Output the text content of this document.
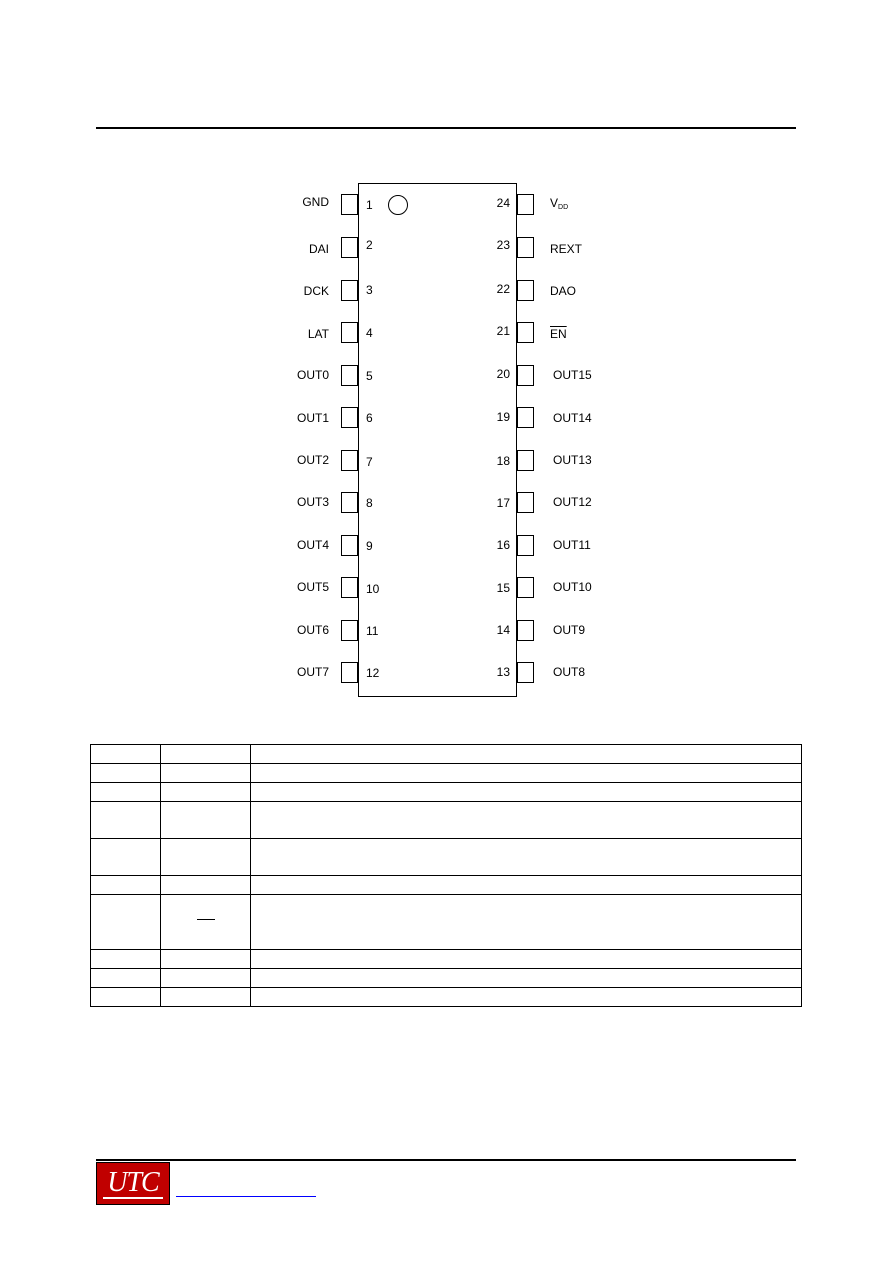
1
GND
2
DAI
3
DCK
4
LAT
5
OUT0
6
OUT1
7
OUT2
8
OUT3
9
OUT4
10
OUT5
11
OUT6
12
OUT7
24	$V_{DD}$
23	REXT
22	DAO
21	$\overline{EN}$
20	OUT15
19	OUT14
18	OUT13
17	OUT12
16	OUT11
15	OUT10
14	OUT9
13	OUT8

UTC
